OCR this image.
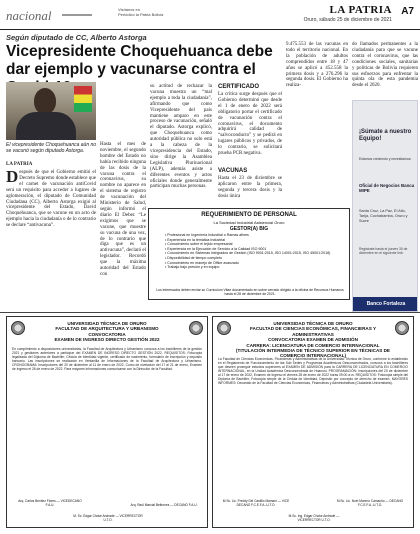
nacional	Visítanos en
Periódico la Patria Bolivia	LA PATRIA
Oruro, sábado 25 de diciembre de 2021
A7
Según diputado de CC, Alberto Astorga
Vicepresidente Choquehuanca debe dar ejemplo y vacunarse contra el
El vicepresidente Choquehuanca aún no se vacunó según diputado Astorga.
LA PATRIA
Después de que el Gobierno emitió el Decreto Supremo donde establece que el carnet de vacunación antiCovid será un requisito para acceder a lugares de aglomeración, el diputado de Comunidad Ciudadana (CC), Alberto Astorga exigió al vicepresidente del Estado, David Choquehuanca, que se vacune en un acto de ejemplo hacia la ciudadanía o de lo contrario se declare “antivacuna”.
Hasta el mes de noviembre, el segundo hombre del Estado no había recibido ninguna de las dosis de la vacuna contra el coronavirus, su nombre no aparece en el sistema de registro de vacunación del Ministerio de Salud, según informó el diario El Deber. “Le exigimos que se vacune, que muestre su vacuna de una vez, de lo contrario que diga que es un antivacuna”, declaró el legislador. Recordó que la máxima autoridad del Estado con
su actitud de rechazar la vacuna muestra un “mal ejemplo a toda la ciudadanía”, afirmando que como Vicepresidente del país mantiene amparo en este proceso de vacunación, señaló el diputado. Astorga explicó, que Choquehuanca como autoridad pública no solo está a la cabeza de la vicepresidencia del Estado, sino dirige la Asamblea Legislativa Plurinacional (ALP), además asiste a diferentes eventos y actos oficiales donde generalmente participan muchas personas.
CERTIFICADO
La crítica surge después que el Gobierno determinó que desde el 1 de enero de 2022 será obligatorio portar el certificado de vacunación contra el coronavirus, el documento adquirirá calidad de “salvoconducto” y se pedirá en lugares públicos y privados, de lo contrario, se solicitará prueba PCR negativa.
VACUNAS
Hasta el 23 de diciembre se aplicaron entre la primera, segunda y tercera dosis y la dosis única
9.475.553 de las vacunas en todo el territorio nacional. En la población de adultos comprendidos entre 18 y 47 años se aplicó a 452.558 la primera dosis y a 276.296 la segunda dosis. El Gobierno ha realiza-
do llamados permanentes a la ciudadanía para que se vacune contra el coronavirus, que las condiciones sociales, sanitarias y políticas de Bolivia requieren sus esfuerzos para enfrentar la quinta ola de esta pandemia desde el 2020.
REQUERIMIENTO DE PERSONAL
La Sociedad Industrial Asistencial Oruro
GESTOR(A) BIG
• Profesional en Ingeniería Industrial o Ramas afines
• Experiencia en la temática Industrial
• Conocimiento sobre el tejido empresarial
• Experiencia en la Ejecución de Servicio a la Calidad ISO 9001
• Conocimiento en Sistemas Integrados de Gestión (ISO 9001:2015, ISO 14001:2015, ISO 45001:2018)
• Disponibilidad de tiempo completo
• Conocimiento en manejo de Office avanzado
• Trabajo bajo presión y en equipo
Los interesados deben enviar su Curriculum Vitae documentado en sobre cerrado dirigido a la oficina de Recursos Humanos hasta el 28 de diciembre de 2021.
¡Súmate a nuestro Equipo!
Estamos creciendo y necesitamos:
Oficial de Negocios Banca MIPE
Santa Cruz, La Paz, El Alto, Tarija, Cochabamba, Oruro y Sucre
Registrate hasta el jueves 30 de diciembre en el siguiente link:
Banco Fortaleza
UNIVERSIDAD TÉCNICA DE ORURO
FACULTAD DE ARQUITECTURA Y URBANISMO
CONVOCATORIA
EXAMEN DE INGRESO DIRECTO GESTIÓN 2022
En cumplimiento a disposiciones universitarias, la Facultad de Arquitectura y Urbanismo convoca a los bachilleres de la gestión 2021 y gestiones anteriores a participar del EXAMEN DE INGRESO DIRECTO GESTIÓN 2022. REQUISITOS: Fotocopia legalizada del Diploma de Bachiller, Cédula de Identidad vigente, certificado de nacimiento, formulario de inscripción y depósito bancario. Las inscripciones se realizarán en Ventanilla de Informaciones de la Facultad de Arquitectura y Urbanismo. CRONOGRAMA: Inscripciones del 20 de diciembre al 11 de enero de 2022, Curso de nivelación del 17 al 21 de enero, Examen de Ingreso el 26 de enero de 2022. Para mayores informaciones comunicarse con la Dirección de la Facultad.
Arq. Carlos Benítez Flores — VICEDECANO F.A.U.	Arq. Raúl Marcial Beltrones — DECANO F.A.U.
M. Sc. Edgar Choke Andrade — VICERRECTOR U.T.O.
UNIVERSIDAD TÉCNICA DE ORURO
FACULTAD DE CIENCIAS ECONÓMICAS, FINANCIERAS Y ADMINISTRATIVAS
CONVOCATORIA EXAMEN DE ADMISIÓN
CARRERA: LICENCIATURA DE COMERCIO INTERNACIONAL
(TITULACIÓN INTERMEDIA DE TÉCNICO SUPERIOR EN TÉCNICAS DE COMERCIO INTERNACIONAL)
La Facultad de Ciencias Económicas, Financieras y Administrativas de la Universidad Técnica de Oruro, conforme lo establecido en el Reglamento de Funcionamiento de las Sub Sedes y Programas Académicos Desconcentrados, convoca a los bachilleres que deseen proseguir estudios superiores al EXAMEN DE ADMISIÓN para la CARRERA DE LICENCIATURA EN COMERCIO INTERNACIONAL, en la Unidad Académica Desconcentrada de Huanuni. PROGRAMACIÓN: Inscripciones del 20 de diciembre al 17 de enero de 2022, Examen de Ingreso el viernes 28 de enero de 2022 horas 09:00 a.m. REQUISITOS: Fotocopia simple del Diploma de Bachiller, Fotocopia simple de la Cédula de Identidad, Depósito por concepto de derecho de examen. MAYORES INFORMES: Decanato de la Facultad de Ciencias Económicas, Financieras y Administrativas (Ciudadela Universitaria).
M.Sc. Lic. Freddy Del Castillo Mamani — VICE DECANO F.C.E.F.A.-U.T.O.
M.Sc. Lic. Noel Moreno Camacho — DECANO F.C.E.F.A.-U.T.O.
M.Sc. Ing. Edgar Choke Andrade — VICERRECTOR U.T.O.
